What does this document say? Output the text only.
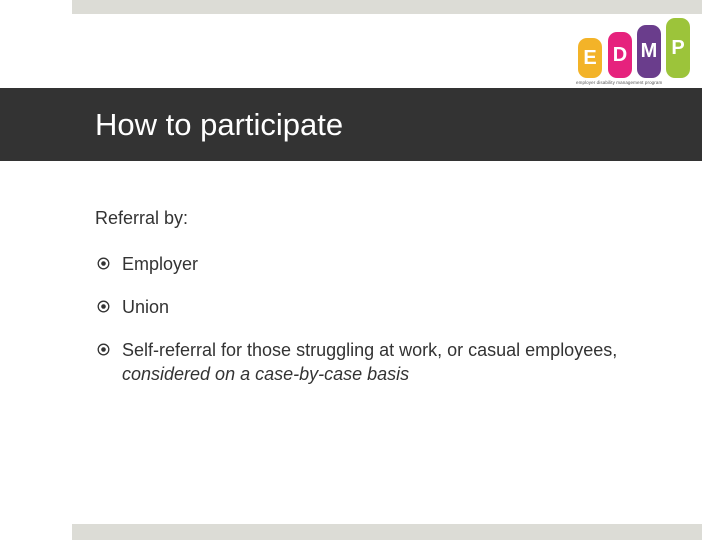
E D M P
employer disability management program
How to participate

Referral by:

Employer
Union
Self-referral for those struggling at work, or casual employees,
considered on a case-by-case basis
